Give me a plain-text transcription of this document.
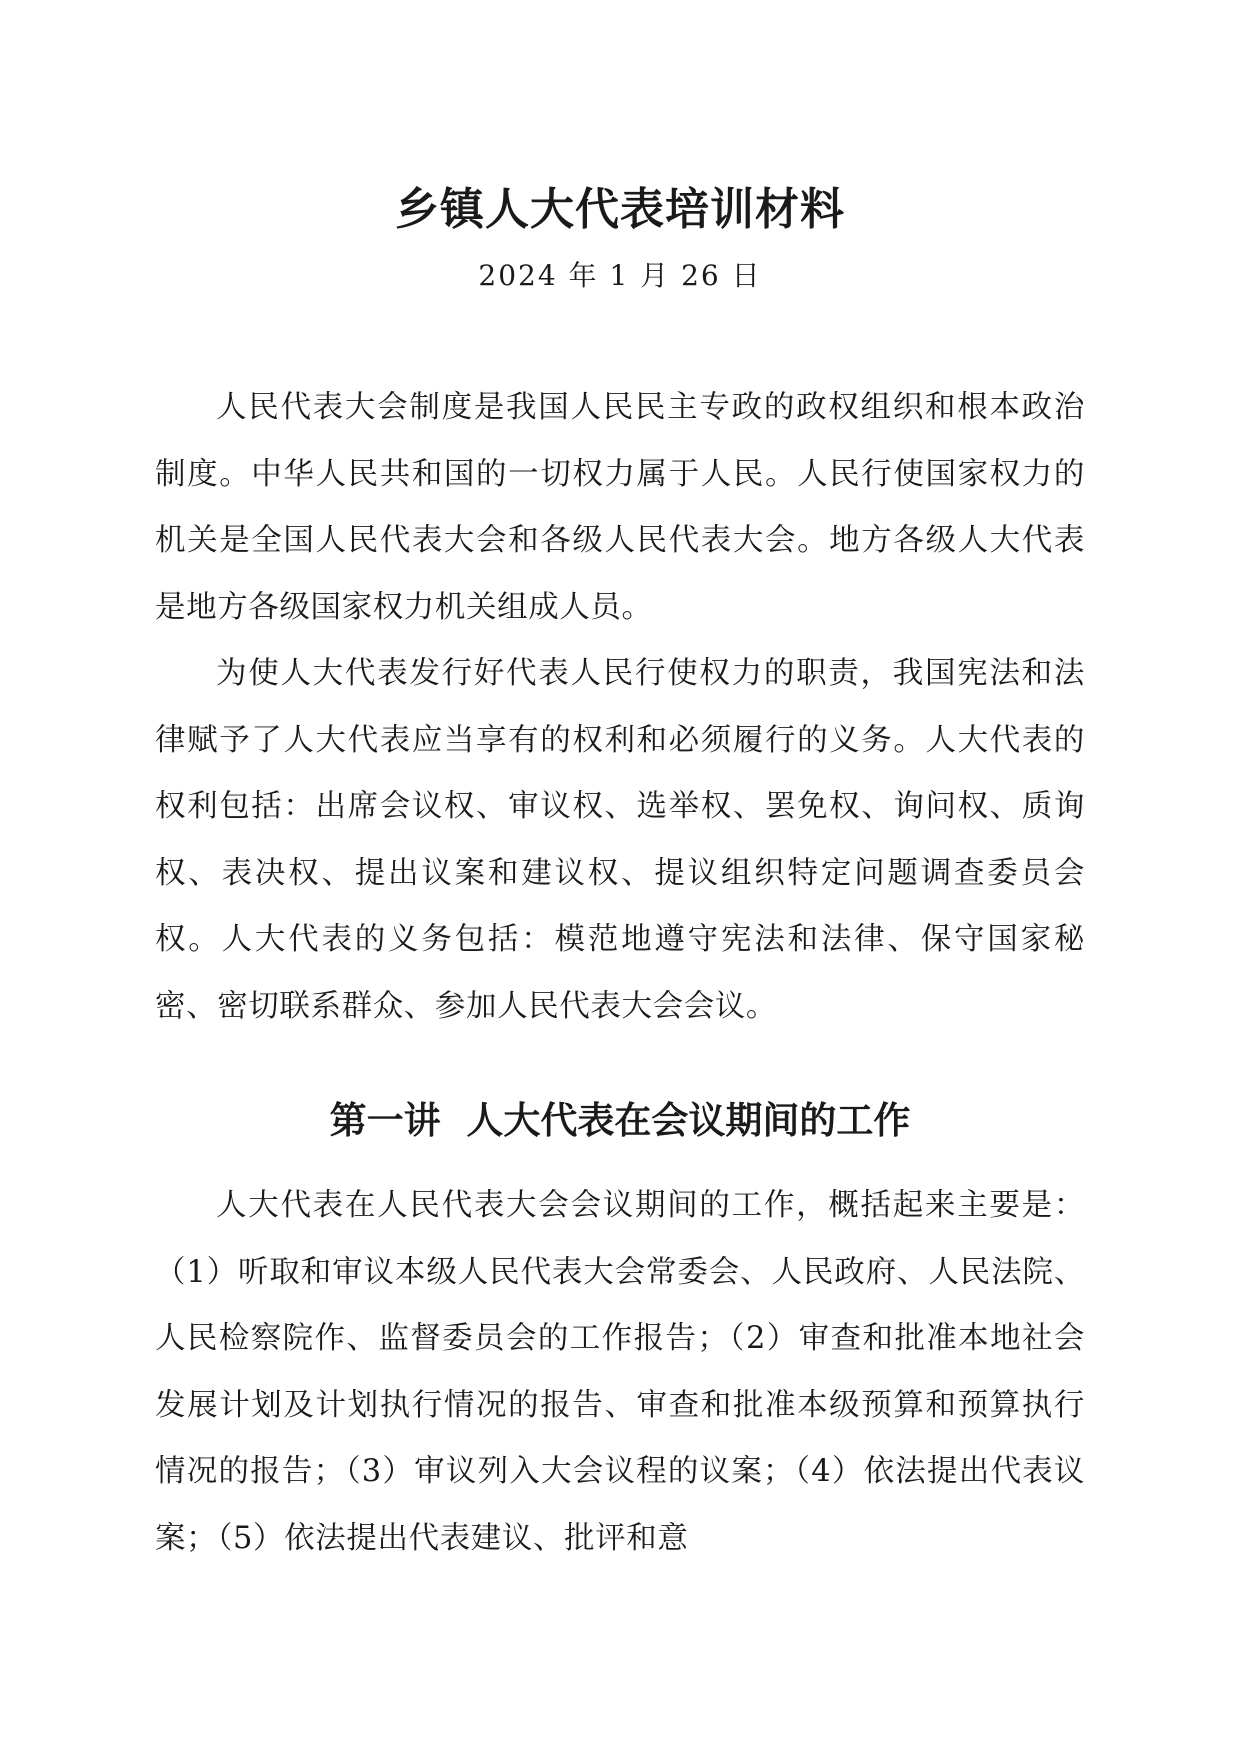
乡镇人大代表培训材料
2024 年 1 月 26 日

人民代表大会制度是我国人民民主专政的政权组织和根本政治制度。中华人民共和国的一切权力属于人民。人民行使国家权力的机关是全国人民代表大会和各级人民代表大会。地方各级人大代表是地方各级国家权力机关组成人员。

为使人大代表发行好代表人民行使权力的职责，我国宪法和法律赋予了人大代表应当享有的权利和必须履行的义务。人大代表的权利包括：出席会议权、审议权、选举权、罢免权、询问权、质询权、表决权、提出议案和建议权、提议组织特定问题调查委员会权。人大代表的义务包括：模范地遵守宪法和法律、保守国家秘密、密切联系群众、参加人民代表大会会议。

第一讲  人大代表在会议期间的工作

人大代表在人民代表大会会议期间的工作，概括起来主要是：（1）听取和审议本级人民代表大会常委会、人民政府、人民法院、人民检察院作、监督委员会的工作报告；（2）审查和批准本地社会发展计划及计划执行情况的报告、审查和批准本级预算和预算执行情况的报告；（3）审议列入大会议程的议案；（4）依法提出代表议案；（5）依法提出代表建议、批评和意
